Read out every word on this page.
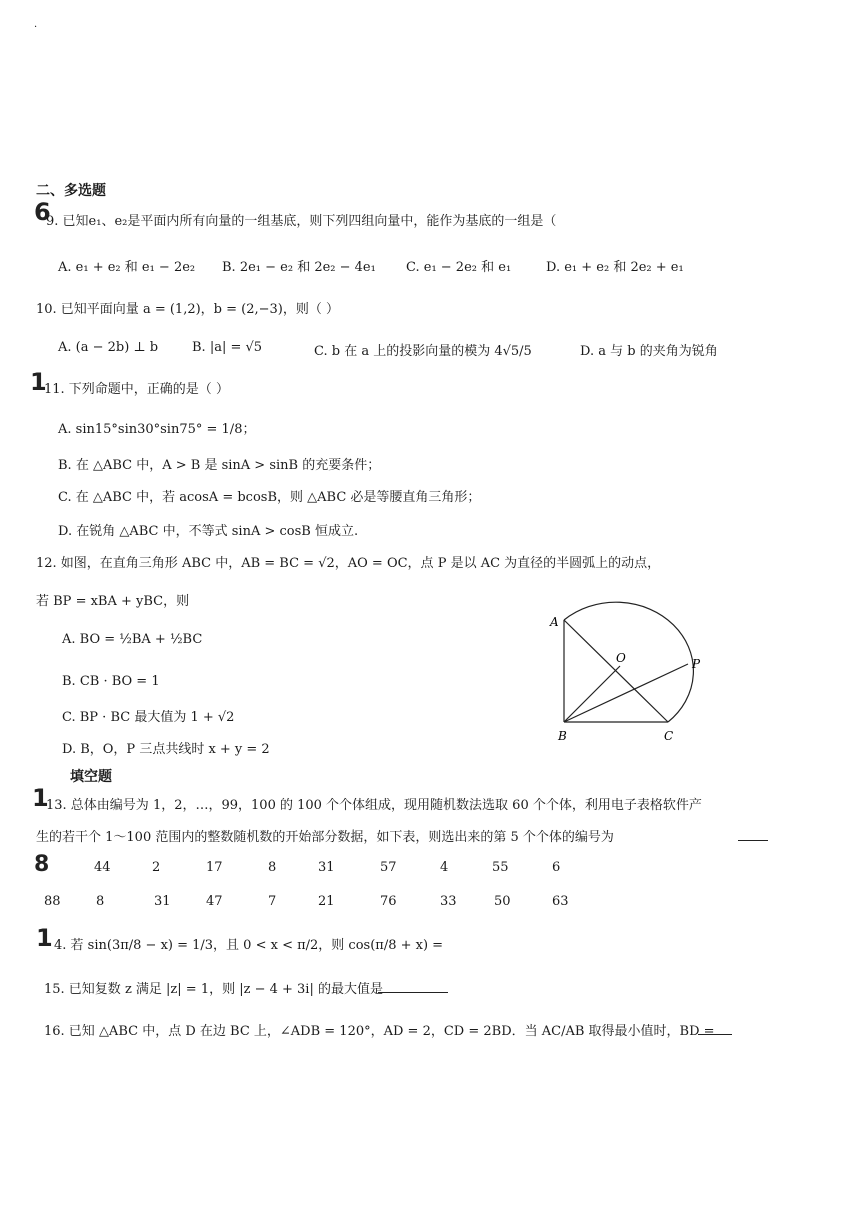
·
二、多选题
6
9. 已知e₁、e₂是平面内所有向量的一组基底，则下列四组向量中，能作为基底的一组是（
A. e₁ + e₂ 和 e₁ − 2e₂ B. 2e₁ − e₂ 和 2e₂ − 4e₁ C. e₁ − 2e₂ 和 e₁	D. e₁ + e₂ 和 2e₂ + e₁
10. 已知平面向量 a = (1,2)，b = (2,−3)，则（ ）
A. (a − 2b) ⊥ b	B. |a| = √5	C. b 在 a 上的投影向量的模为 4√5/5	D. a 与 b 的夹角为锐角
1
11. 下列命题中，正确的是（ ）
A. sin15°sin30°sin75° = 1/8；
B. 在 △ABC 中，A > B 是 sinA > sinB 的充要条件；
C. 在 △ABC 中，若 acosA = bcosB，则 △ABC 必是等腰直角三角形；
D. 在锐角 △ABC 中，不等式 sinA > cosB 恒成立.
12. 如图，在直角三角形 ABC 中，AB = BC = √2，AO = OC，点 P 是以 AC 为直径的半圆弧上的动点，
若 BP = xBA + yBC，则
A. BO = ½BA + ½BC
B. CB · BO = 1
C. BP · BC 最大值为 1 + √2
D. B，O，P 三点共线时 x + y = 2
A
B	C
O	P
填空题
1
13. 总体由编号为 1，2，…，99，100 的 100 个个体组成，现用随机数法选取 60 个个体，利用电子表格软件产
生的若干个 1～100 范围内的整数随机数的开始部分数据，如下表，则选出来的第 5 个个体的编号为
8	44	2	17	8	31	57	4	55	6
88	8	31	47	7	21	76	33	50	63
1 4. 若 sin(3π/8 − x) = 1/3，且 0 < x < π/2，则 cos(π/8 + x) =
15. 已知复数 z 满足 |z| = 1，则 |z − 4 + 3i| 的最大值是
16. 已知 △ABC 中，点 D 在边 BC 上，∠ADB = 120°，AD = 2，CD = 2BD．当 AC/AB 取得最小值时，BD =
